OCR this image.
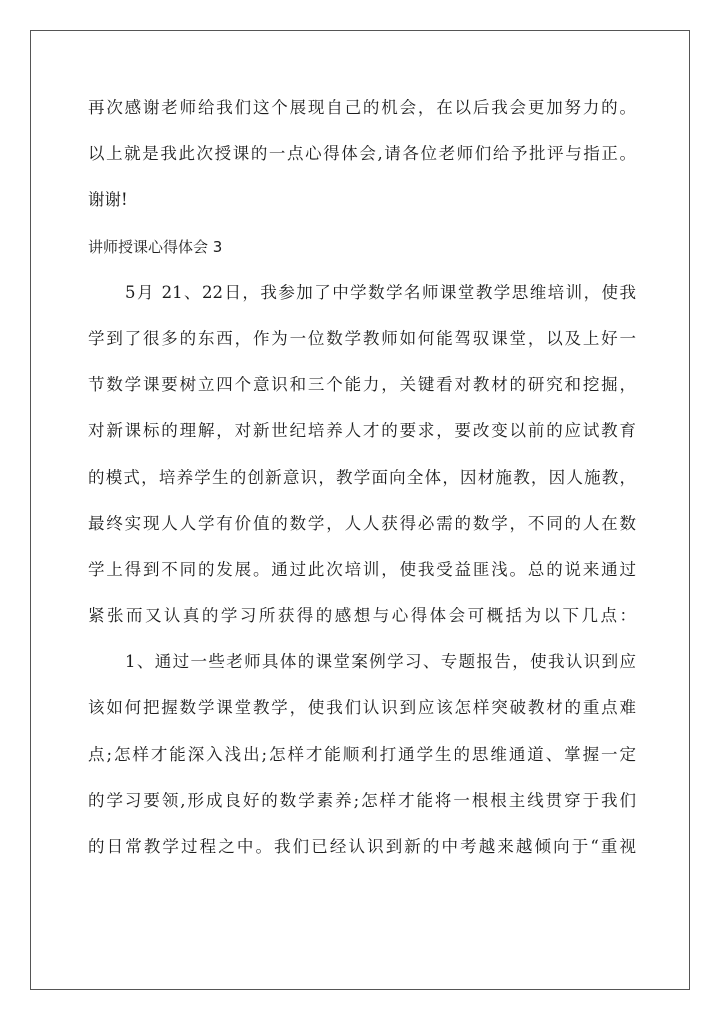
再次感谢老师给我们这个展现自己的机会，在以后我会更加努力的。
以上就是我此次授课的一点心得体会,请各位老师们给予批评与指正。
谢谢!
讲师授课心得体会 3
5月 21、22日，我参加了中学数学名师课堂教学思维培训，使我
学到了很多的东西，作为一位数学教师如何能驾驭课堂，以及上好一
节数学课要树立四个意识和三个能力，关键看对教材的研究和挖掘，
对新课标的理解，对新世纪培养人才的要求，要改变以前的应试教育
的模式，培养学生的创新意识，教学面向全体，因材施教，因人施教，
最终实现人人学有价值的数学，人人获得必需的数学，不同的人在数
学上得到不同的发展。通过此次培训，使我受益匪浅。总的说来通过
紧张而又认真的学习所获得的感想与心得体会可概括为以下几点：
1、通过一些老师具体的课堂案例学习、专题报告，使我认识到应
该如何把握数学课堂教学，使我们认识到应该怎样突破教材的重点难
点;怎样才能深入浅出;怎样才能顺利打通学生的思维通道、掌握一定
的学习要领,形成良好的数学素养;怎样才能将一根根主线贯穿于我们
的日常教学过程之中。我们已经认识到新的中考越来越倾向于“重视
